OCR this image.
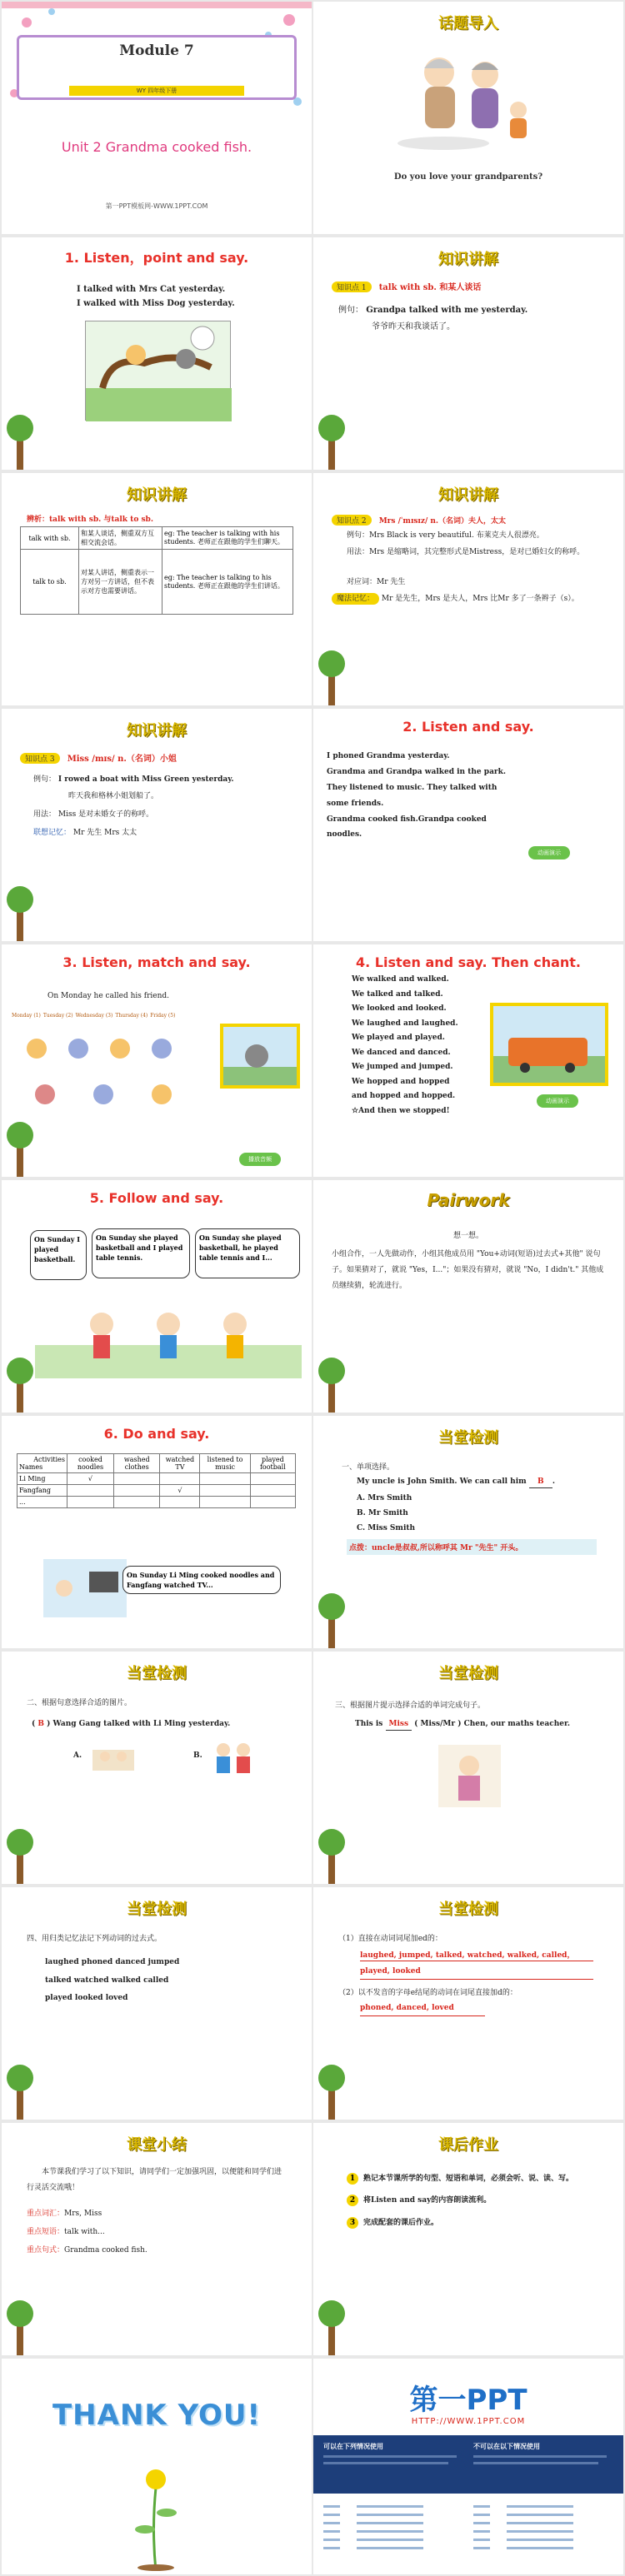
Module 7
WY 四年级下册
Unit 2 Grandma cooked fish.
第一PPT模板网-WWW.1PPT.COM
话题导入
Do you love your grandparents?
1. Listen，point and say.
I talked with Mrs Cat yesterday.
I walked with Miss Dog yesterday.
知识讲解
知识点 1 talk with sb. 和某人谈话
例句： Grandpa talked with me yesterday.
爷爷昨天和我谈话了。
知识讲解
辨析：talk with sb. 与talk to sb.
talk with sb.	和某人谈话，侧重双方互相交流会话。	eg: The teacher is talking with his students. 老师正在跟他的学生们聊天。
talk to sb.	对某人讲话，侧重表示一方对另一方讲话，但不表示对方也需要讲话。	eg: The teacher is talking to his students. 老师正在跟他的学生们讲话。
知识讲解
知识点 2 Mrs /ˈmɪsɪz/ n.（名词）夫人，太太
例句：Mrs Black is very beautiful. 布莱克夫人很漂亮。
用法：Mrs 是缩略词，其完整形式是Mistress，是对已婚妇女的称呼。
对应词：Mr 先生
魔法记忆： Mr 是先生，Mrs 是夫人，Mrs 比Mr 多了一条辫子（s）。
知识讲解
知识点 3 Miss /mɪs/ n.（名词）小姐
例句： I rowed a boat with Miss Green yesterday.
昨天我和格林小姐划船了。
用法： Miss 是对未婚女子的称呼。
联想记忆： Mr 先生 Mrs 太太
2. Listen and say.
I phoned Grandma yesterday.
Grandma and Grandpa walked in the park.
They listened to music. They talked with
some friends.
Grandma cooked fish.Grandpa cooked
noodles.
动画演示
3. Listen, match and say.
On Monday he called his friend.
Monday (1) Tuesday (2) Wednesday (3) Thursday (4) Friday (5)
播放音频
4. Listen and say. Then chant.
We walked and walked.
We talked and talked.
We looked and looked.
We laughed and laughed.
We played and played.
We danced and danced.
We jumped and jumped.
We hopped and hopped
and hopped and hopped.
☆And then we stopped!
动画演示
5. Follow and say.
On Sunday I played basketball.
On Sunday she played basketball and I played table tennis.
On Sunday she played basketball, he played table tennis and I...
Pairwork
想一想。
小组合作，一人先做动作，小组其他成员用 "You+动词(短语)过去式+其他" 说句子。如果猜对了，就说 "Yes，I..."；如果没有猜对，就说 "No，I didn't." 其他成员继续猜，轮流进行。
6. Do and say.
Activities

Names	cooked noodles	washed clothes	watched TV	listened to music	played football
Li Ming	√				
Fangfang			√		
...					
On Sunday Li Ming cooked noodles and Fangfang watched TV...
当堂检测
一、单项选择。
My uncle is John Smith. We can call him B .
A. Mrs Smith
B. Mr Smith
C. Miss Smith
点拨：uncle是叔叔,所以称呼其 Mr "先生" 开头。
当堂检测
二、根据句意选择合适的图片。
( B ) Wang Gang talked with Li Ming yesterday.
A.	B.
当堂检测
三、根据图片提示选择合适的单词完成句子。
This is Miss ( Miss/Mr ) Chen, our maths teacher.
当堂检测
四、用归类记忆法记下列动词的过去式。
laughed phoned danced jumped
talked watched walked called
played looked loved
当堂检测
（1）直接在动词词尾加ed的：
laughed, jumped, talked, watched, walked, called，
played, looked
（2）以不发音的字母e结尾的动词在词尾直接加d的：
phoned, danced, loved
课堂小结
本节课我们学习了以下知识，请同学们一定加强巩固，以便能和同学们进行灵活交流哦！
重点词汇：Mrs, Miss
重点短语：talk with...
重点句式：Grandma cooked fish.
课后作业
1	熟记本节课所学的句型、短语和单词，必须会听、说、读、写。
2	将Listen and say的内容朗读流利。
3	完成配套的课后作业。
THANK YOU!	第一PPT
HTTP://WWW.1PPT.COM
可以在下列情况使用	不可以在以下情况使用
